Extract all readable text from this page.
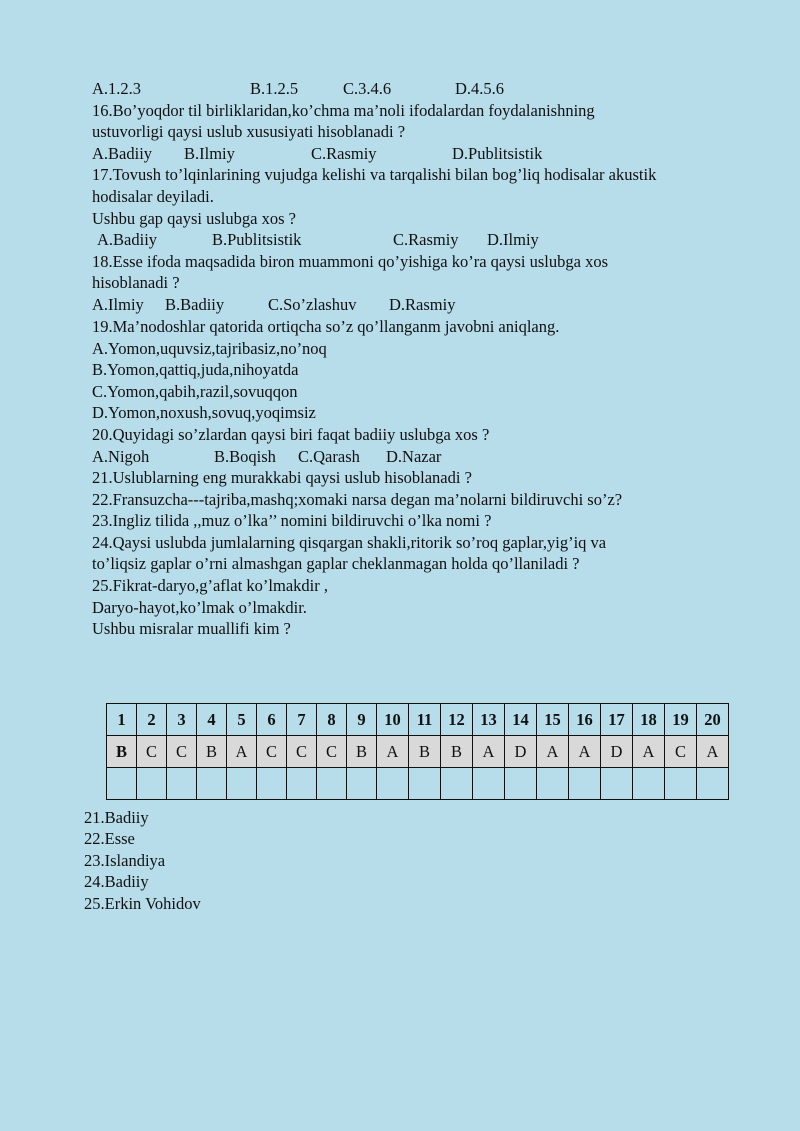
A.1.2.3	B.1.2.5	C.3.4.6	D.4.5.6
16.Bo’yoqdor til birliklaridan,ko’chma ma’noli ifodalardan foydalanishning
ustuvorligi qaysi uslub xususiyati hisoblanadi ?
A.Badiiy B.Ilmiy	C.Rasmiy	D.Publitsistik
17.Tovush to’lqinlarining vujudga kelishi va tarqalishi bilan bog’liq hodisalar akustik
hodisalar deyiladi.
Ushbu gap qaysi uslubga xos ?
A.Badiiy	B.Publitsistik	C.Rasmiy D.Ilmiy
18.Esse ifoda maqsadida biron muammoni qo’yishiga ko’ra qaysi uslubga xos
hisoblanadi ?
A.Ilmiy B.Badiiy	C.So’zlashuv D.Rasmiy
19.Ma’nodoshlar qatorida ortiqcha so’z qo’llanganm javobni aniqlang.
A.Yomon,uquvsiz,tajribasiz,no’noq
B.Yomon,qattiq,juda,nihoyatda
C.Yomon,qabih,razil,sovuqqon
D.Yomon,noxush,sovuq,yoqimsiz
20.Quyidagi so’zlardan qaysi biri faqat badiiy uslubga xos ?
A.Nigoh	B.Boqish C.Qarash D.Nazar
21.Uslublarning eng murakkabi qaysi uslub hisoblanadi ?
22.Fransuzcha---tajriba,mashq;xomaki narsa degan ma’nolarni bildiruvchi so’z?
23.Ingliz tilida ,,muz o’lka’’ nomini bildiruvchi o’lka nomi ?
24.Qaysi uslubda jumlalarning qisqargan shakli,ritorik so’roq gaplar,yig’iq va
to’liqsiz gaplar o’rni almashgan gaplar cheklanmagan holda qo’llaniladi ?
25.Fikrat-daryo,g’aflat ko’lmakdir ,
Daryo-hayot,ko’lmak o’lmakdir.
Ushbu misralar muallifi kim ?
1	2	3	4	5	6	7	8	9	10	11	12	13	14	15	16	17	18	19	20
B	C	C	B	A	C	C	C	B	A	B	B	A	D	A	A	D	A	C	A

21.Badiiy
22.Esse
23.Islandiya
24.Badiiy
25.Erkin Vohidov
